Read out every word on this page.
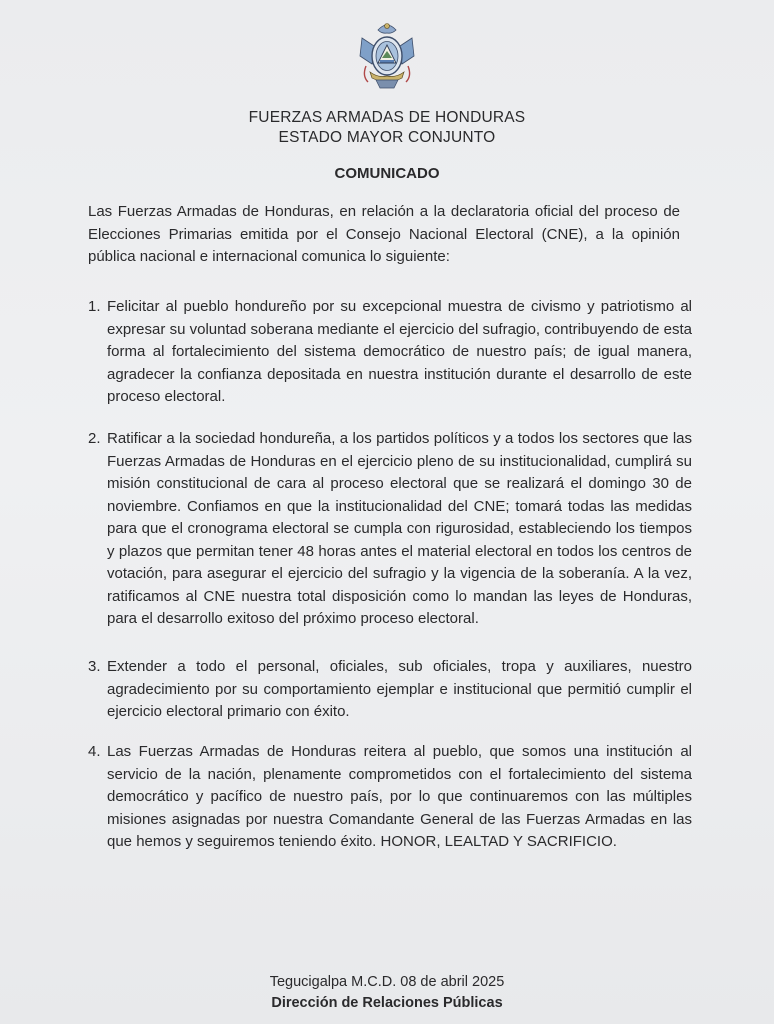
FUERZAS ARMADAS DE HONDURAS
ESTADO MAYOR CONJUNTO
COMUNICADO
Las Fuerzas Armadas de Honduras, en relación a la declaratoria oficial del proceso de Elecciones Primarias emitida por el Consejo Nacional Electoral (CNE), a la opinión pública nacional e internacional comunica lo siguiente:
1. Felicitar al pueblo hondureño por su excepcional muestra de civismo y patriotismo al expresar su voluntad soberana mediante el ejercicio del sufragio, contribuyendo de esta forma al fortalecimiento del sistema democrático de nuestro país; de igual manera, agradecer la confianza depositada en nuestra institución durante el desarrollo de este proceso electoral.
2. Ratificar a la sociedad hondureña, a los partidos políticos y a todos los sectores que las Fuerzas Armadas de Honduras en el ejercicio pleno de su institucionalidad, cumplirá su misión constitucional de cara al proceso electoral que se realizará el domingo 30 de noviembre. Confiamos en que la institucionalidad del CNE; tomará todas las medidas para que el cronograma electoral se cumpla con rigurosidad, estableciendo los tiempos y plazos que permitan tener 48 horas antes el material electoral en todos los centros de votación, para asegurar el ejercicio del sufragio y la vigencia de la soberanía. A la vez, ratificamos al CNE nuestra total disposición como lo mandan las leyes de Honduras, para el desarrollo exitoso del próximo proceso electoral.
3. Extender a todo el personal, oficiales, sub oficiales, tropa y auxiliares, nuestro agradecimiento por su comportamiento ejemplar e institucional que permitió cumplir el ejercicio electoral primario con éxito.
4. Las Fuerzas Armadas de Honduras reitera al pueblo, que somos una institución al servicio de la nación, plenamente comprometidos con el fortalecimiento del sistema democrático y pacífico de nuestro país, por lo que continuaremos con las múltiples misiones asignadas por nuestra Comandante General de las Fuerzas Armadas en las que hemos y seguiremos teniendo éxito. HONOR, LEALTAD Y SACRIFICIO.
Tegucigalpa M.C.D. 08 de abril 2025
Dirección de Relaciones Públicas
